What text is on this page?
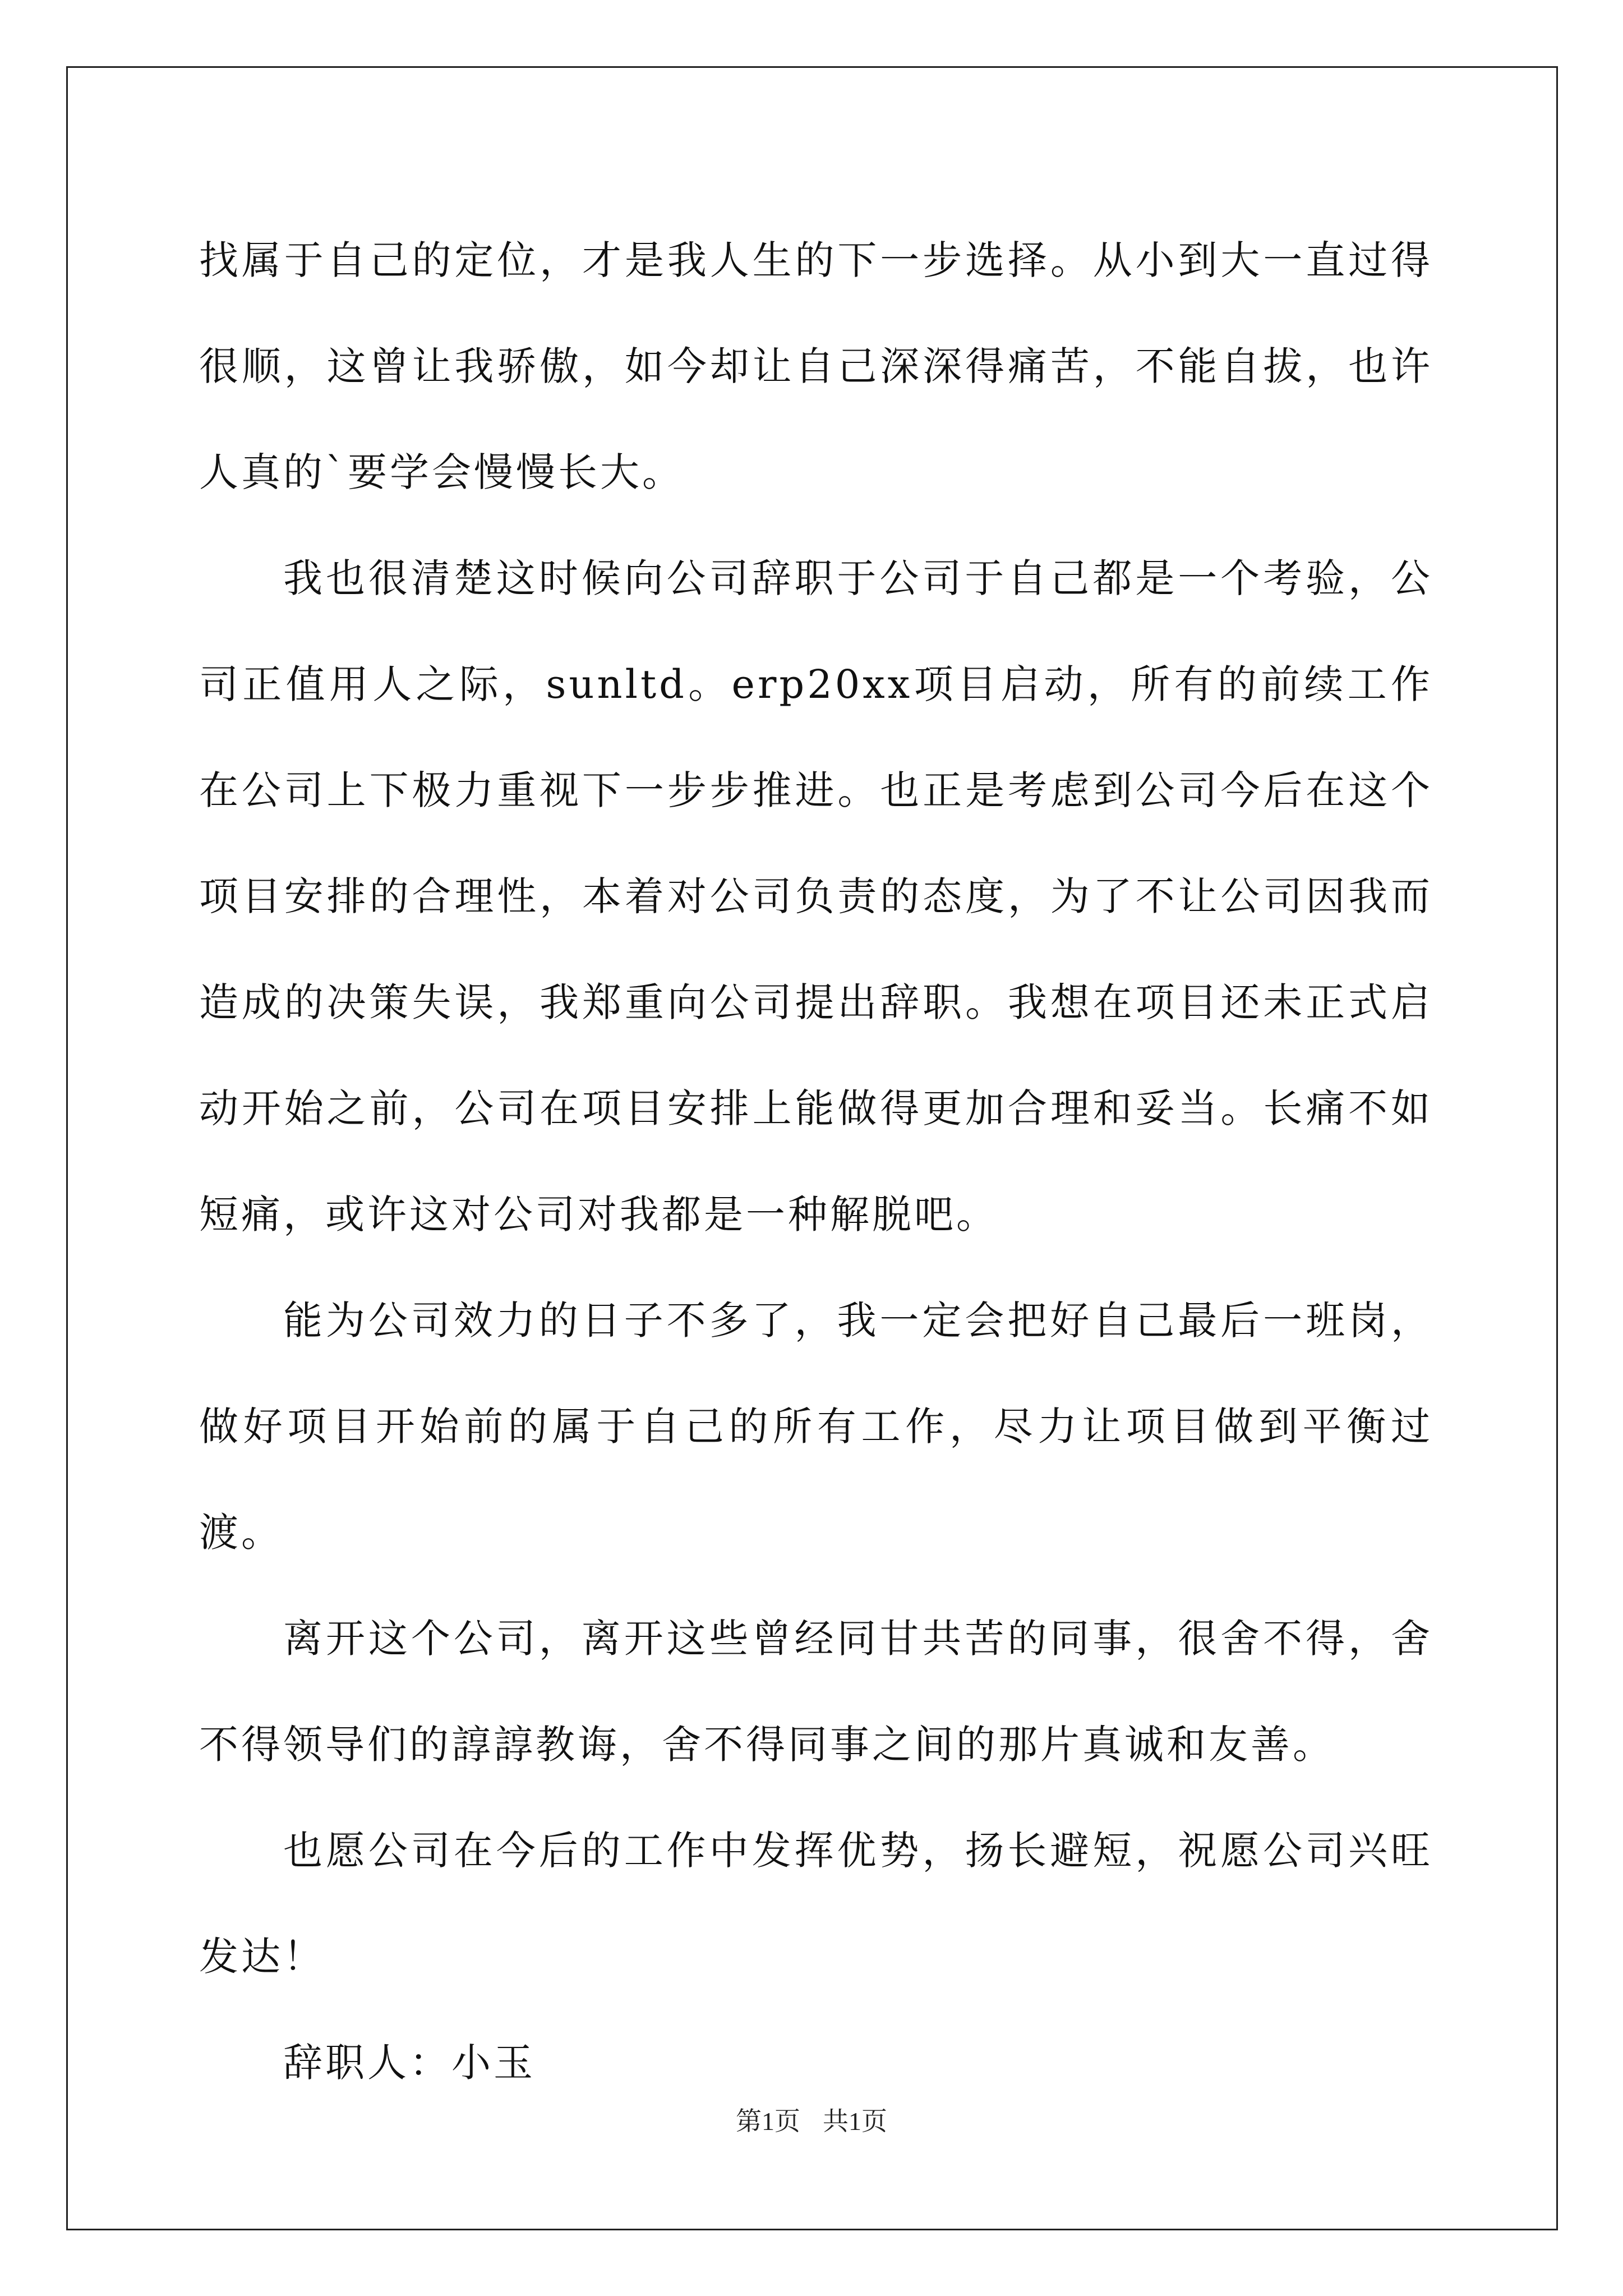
找属于自己的定位，才是我人生的下一步选择。从小到大一直过得很顺，这曾让我骄傲，如今却让自己深深得痛苦，不能自拔，也许人真的`要学会慢慢长大。

我也很清楚这时候向公司辞职于公司于自己都是一个考验，公司正值用人之际，sunltd。erp20xx项目启动，所有的前续工作在公司上下极力重视下一步步推进。也正是考虑到公司今后在这个项目安排的合理性，本着对公司负责的态度，为了不让公司因我而造成的决策失误，我郑重向公司提出辞职。我想在项目还未正式启动开始之前，公司在项目安排上能做得更加合理和妥当。长痛不如短痛，或许这对公司对我都是一种解脱吧。

能为公司效力的日子不多了，我一定会把好自己最后一班岗，做好项目开始前的属于自己的所有工作，尽力让项目做到平衡过渡。

离开这个公司，离开这些曾经同甘共苦的同事，很舍不得，舍不得领导们的諄諄教诲，舍不得同事之间的那片真诚和友善。

也愿公司在今后的工作中发挥优势，扬长避短，祝愿公司兴旺发达！

辞职人：小玉

第1页 共1页
